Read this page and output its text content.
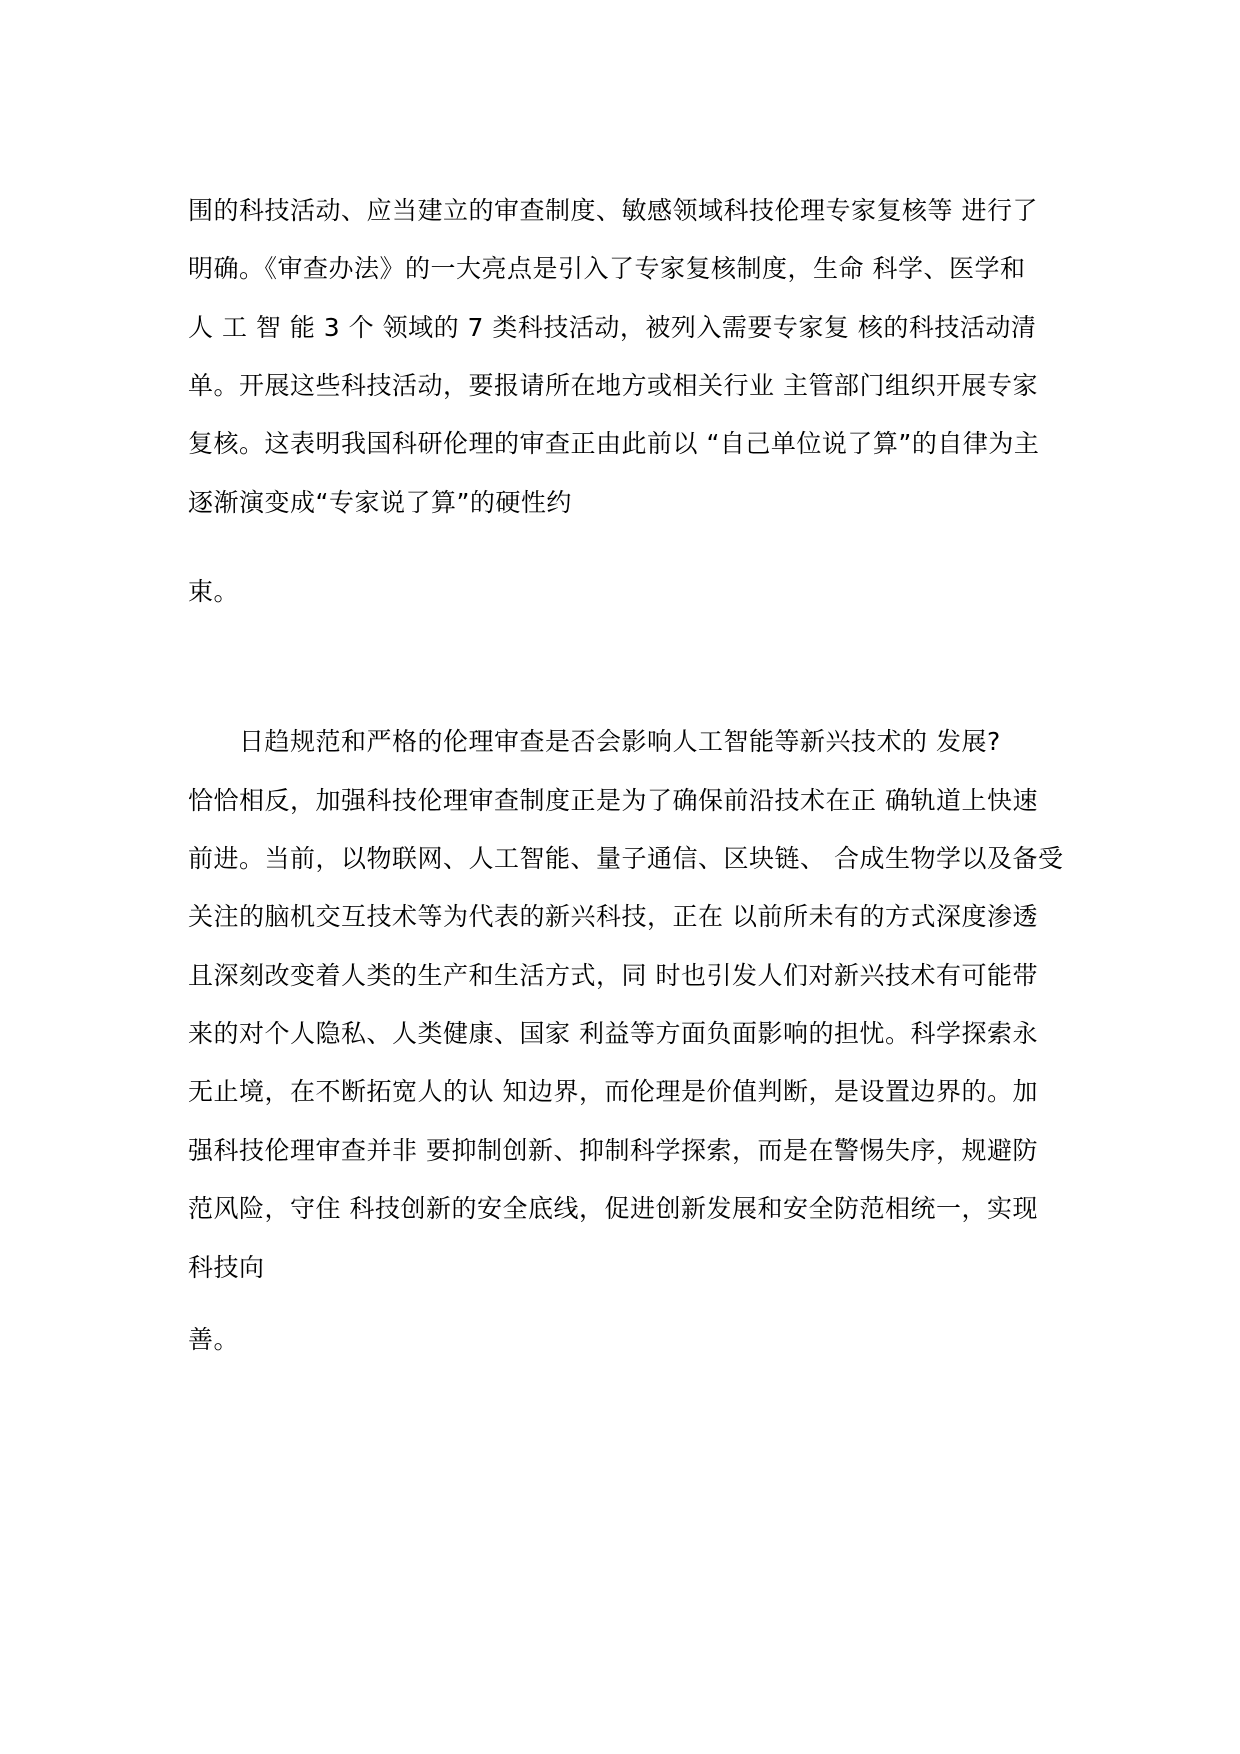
围的科技活动、应当建立的审查制度、敏感领域科技伦理专家复核等 进行了

明确。《审查办法》的一大亮点是引入了专家复核制度，生命 科学、医学和

人 工 智 能 3 个 领域的 7 类科技活动，被列入需要专家复 核的科技活动清

单。开展这些科技活动，要报请所在地方或相关行业 主管部门组织开展专家

复核。这表明我国科研伦理的审查正由此前以 “自己单位说了算”的自律为主

逐渐演变成“专家说了算”的硬性约

束。

　　日趋规范和严格的伦理审查是否会影响人工智能等新兴技术的 发展?

恰恰相反，加强科技伦理审查制度正是为了确保前沿技术在正 确轨道上快速

前进。当前，以物联网、人工智能、量子通信、区块链、 合成生物学以及备受

关注的脑机交互技术等为代表的新兴科技，正在 以前所未有的方式深度渗透

且深刻改变着人类的生产和生活方式，同 时也引发人们对新兴技术有可能带

来的对个人隐私、人类健康、国家 利益等方面负面影响的担忧。科学探索永

无止境，在不断拓宽人的认 知边界，而伦理是价值判断，是设置边界的。加

强科技伦理审查并非 要抑制创新、抑制科学探索，而是在警惕失序，规避防

范风险，守住 科技创新的安全底线，促进创新发展和安全防范相统一，实现

科技向

善。
